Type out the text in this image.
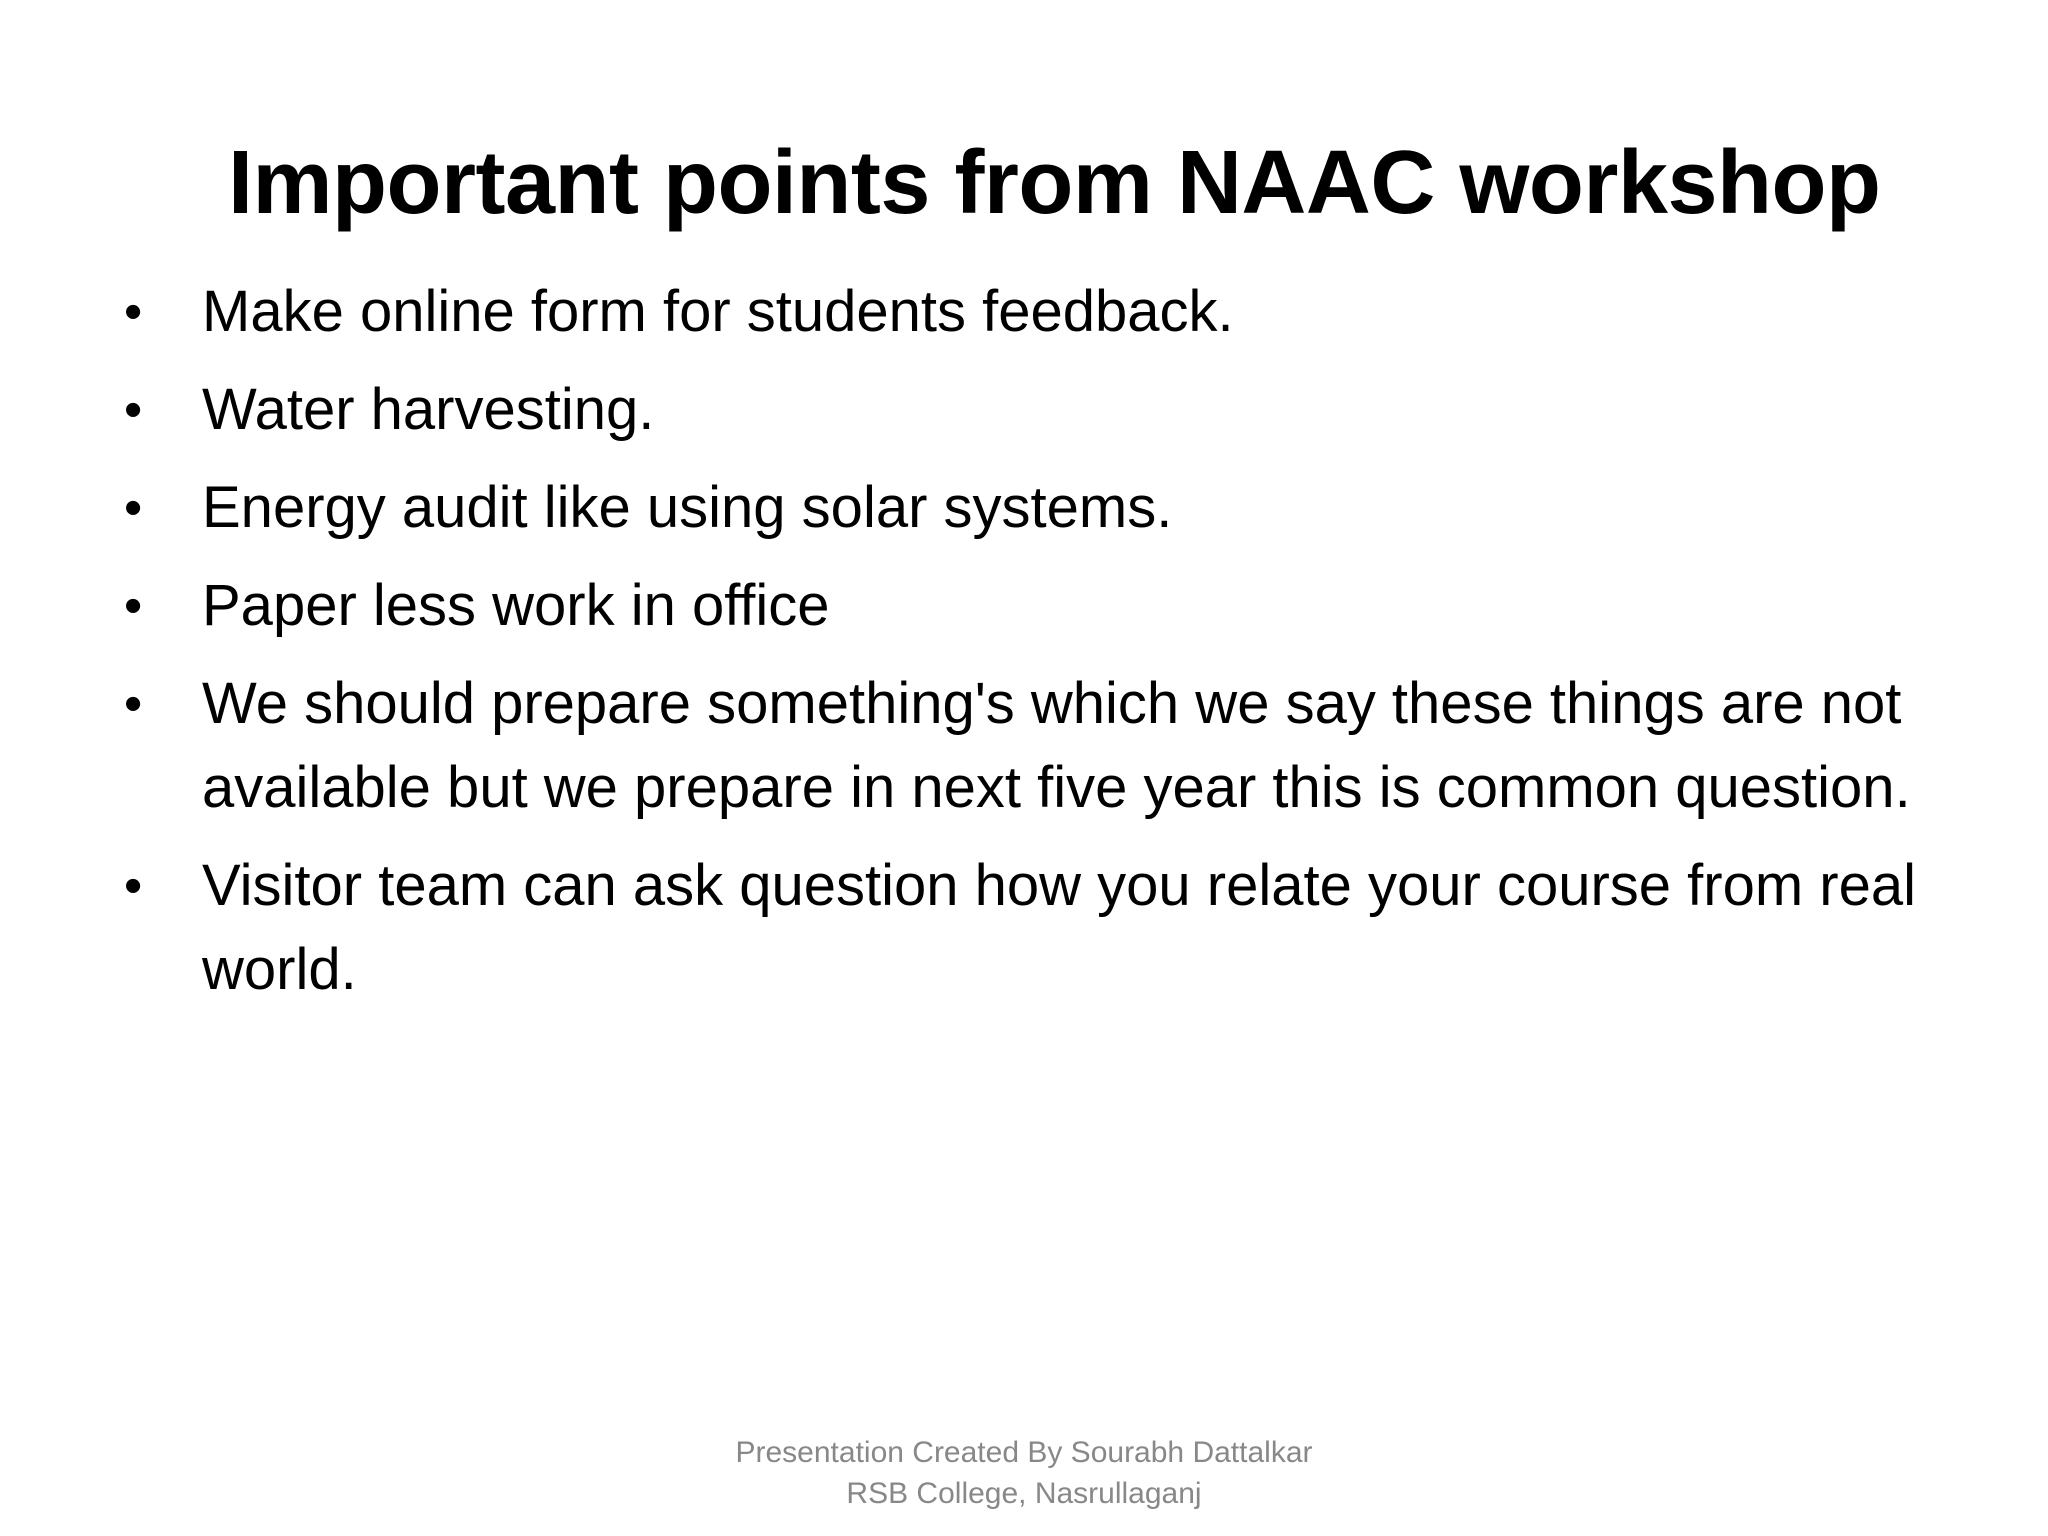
Important points from NAAC workshop
•	Make online form for students feedback.
•	Water harvesting.
•	Energy audit like using solar systems.
•	Paper less work in office
•	We should prepare something's which we say these things are not available but we prepare in next five year this is common question.
•	Visitor team can ask question how you relate your course from real world.
Presentation Created By Sourabh Dattalkar
RSB College, Nasrullaganj
